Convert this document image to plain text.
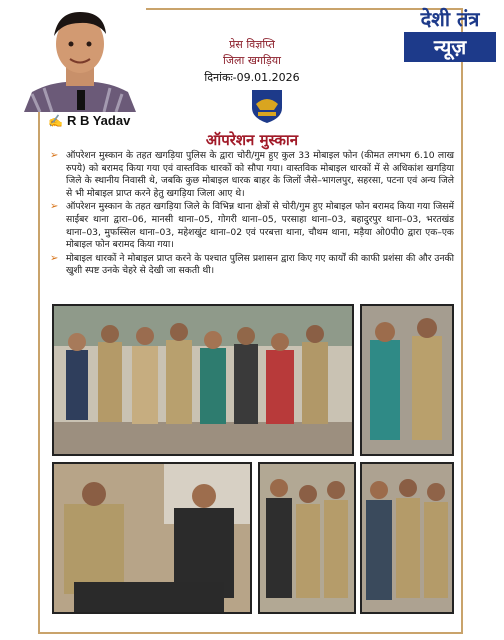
✍ R B Yadav
देशी तंत्र
न्यूज़
प्रेस विज्ञप्ति
जिला खगड़िया
दिनांकः-09.01.2026
ऑपरेशन मुस्कान

➢ ऑपरेशन मुस्कान के तहत खगड़िया पुलिस के द्वारा चोरी/गुम हुए कुल 33 मोबाइल फोन (कीमत लगभग 6.10 लाख रुपये) को बरामद किया गया एवं वास्तविक धारकों को सौपा गया। वास्तविक मोबाइल धारकों में से अधिकांश खगड़िया जिले के स्थानीय निवासी थे, जबकि कुछ मोबाइल धारक बाहर के जिलों जैसे–भागलपुर, सहरसा, पटना एवं अन्य जिले से भी मोबाइल प्राप्त करने हेतु खगड़िया जिला आए थे।

➢ ऑपरेशन मुस्कान के तहत खगड़िया जिले के विभिन्न थाना क्षेत्रों से चोरी/गुम हुए मोबाइल फोन बरामद किया गया जिसमें साईबर थाना द्वारा–06, मानसी थाना–05, गोगरी थाना–05, परसाहा थाना–03, बहादुरपुर थाना–03, भरतखंड थाना–03, मुफस्सिल थाना–03, महेशखुंट थाना–02 एवं परबत्ता थाना, चौथम थाना, मड़ैया ओ0पी0 द्वारा एक–एक मोबाइल फोन बरामद किया गया।

➢ मोबाइल धारकों ने मोबाइल प्राप्त करने के पश्चात पुलिस प्रशासन द्वारा किए गए कार्यों की काफी प्रशंसा की और उनकी खुशी स्पष्ट उनके चेहरे से देखी जा सकती थी।
